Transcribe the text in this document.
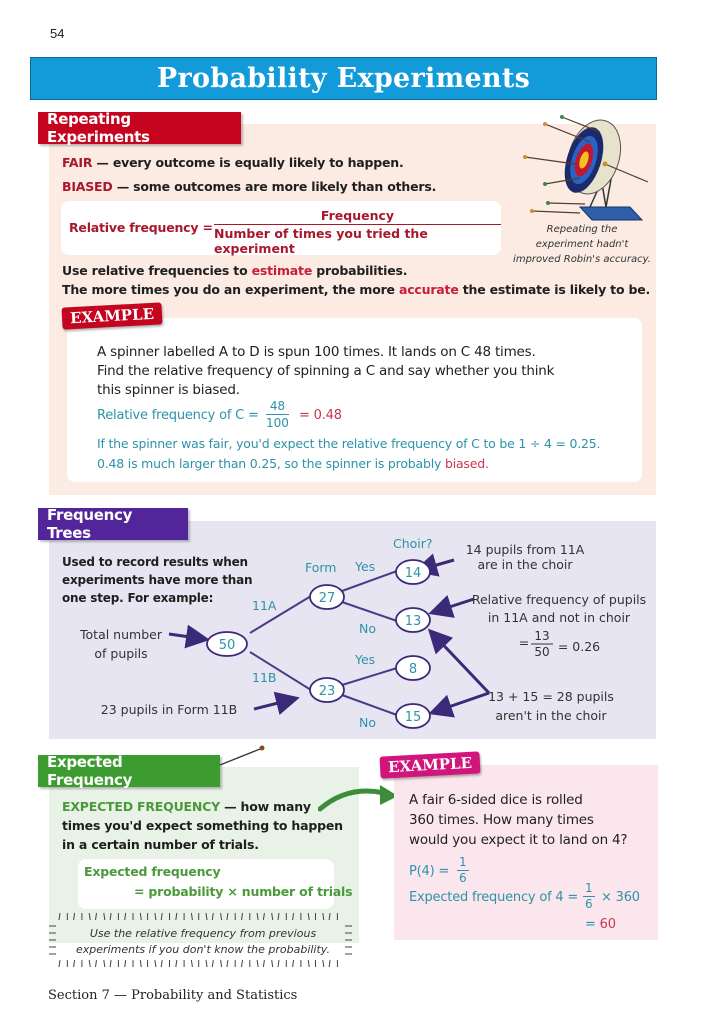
54
Probability Experiments
Repeating Experiments
FAIR — every outcome is equally likely to happen.
BIASED — some outcomes are more likely than others.
Relative frequency =
Frequency
Number of times you tried the experiment
Use relative frequencies to estimate probabilities.
The more times you do an experiment, the more accurate the estimate is likely to be.
Repeating the
experiment hadn't
improved Robin's accuracy.
EXAMPLE
A spinner labelled A to D is spun 100 times. It lands on C 48 times.
Find the relative frequency of spinning a C and say whether you think
this spinner is biased.
Relative frequency of $C = \frac{48}{100} = 0.48$
If the spinner was fair, you'd expect the relative frequency of C to be 1 ÷ 4 = 0.25.
0.48 is much larger than 0.25, so the spinner is probably biased.
Frequency Trees
Used to record results when
experiments have more than
one step. For example:
50
27
23
14
13
8
15
Form
Choir?
11A
11B
Yes
No
Yes
No
Total number
of pupils
23 pupils in Form 11B
14 pupils from 11A
are in the choir
Relative frequency of pupils
in 11A and not in choir
= 13
50 = 0.26
13 + 15 = 28 pupils
aren't in the choir
Expected Frequency
EXPECTED FREQUENCY — how many
times you'd expect something to happen
in a certain number of trials.
Expected frequency
= probability × number of trials
Use the relative frequency from previous
experiments if you don't know the probability.
EXAMPLE
A fair 6-sided dice is rolled
360 times. How many times
would you expect it to land on 4?
$P(4) = \frac{1}{6}$
Expected frequency of $4 = \frac{1}{6} \times 360$
= 60
Section 7 — Probability and Statistics
